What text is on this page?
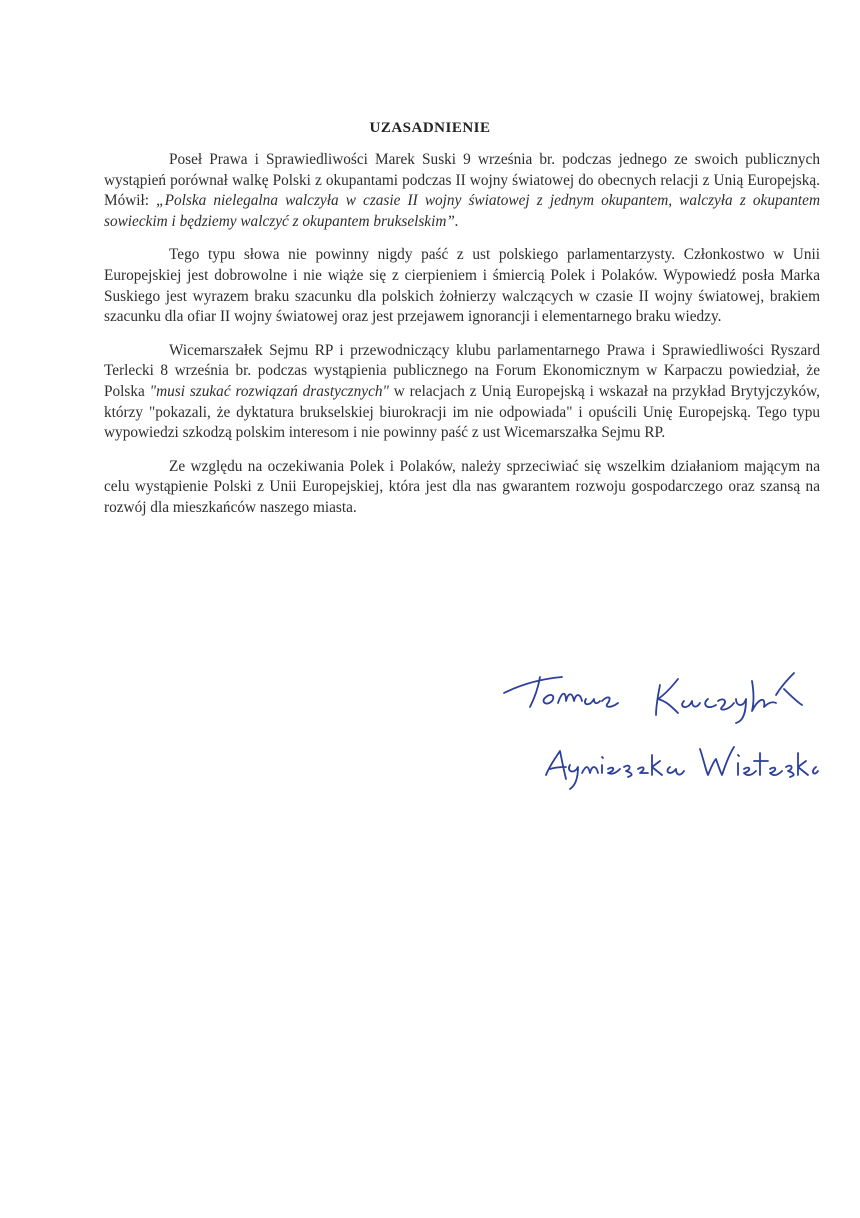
UZASADNIENIE

Poseł Prawa i Sprawiedliwości Marek Suski 9 września br. podczas jednego ze swoich publicznych wystąpień porównał walkę Polski z okupantami podczas II wojny światowej do obecnych relacji z Unią Europejską. Mówił: „Polska nielegalna walczyła w czasie II wojny światowej z jednym okupantem, walczyła z okupantem sowieckim i będziemy walczyć z okupantem brukselskim”.

Tego typu słowa nie powinny nigdy paść z ust polskiego parlamentarzysty. Członkostwo w Unii Europejskiej jest dobrowolne i nie wiąże się z cierpieniem i śmiercią Polek i Polaków. Wypowiedź posła Marka Suskiego jest wyrazem braku szacunku dla polskich żołnierzy walczących w czasie II wojny światowej, brakiem szacunku dla ofiar II wojny światowej oraz jest przejawem ignorancji i elementarnego braku wiedzy.

Wicemarszałek Sejmu RP i przewodniczący klubu parlamentarnego Prawa i Sprawiedliwości Ryszard Terlecki 8 września br. podczas wystąpienia publicznego na Forum Ekonomicznym w Karpaczu powiedział, że Polska "musi szukać rozwiązań drastycznych" w relacjach z Unią Europejską i wskazał na przykład Brytyjczyków, którzy "pokazali, że dyktatura brukselskiej biurokracji im nie odpowiada" i opuścili Unię Europejską. Tego typu wypowiedzi szkodzą polskim interesom i nie powinny paść z ust Wicemarszałka Sejmu RP.

Ze względu na oczekiwania Polek i Polaków, należy sprzeciwiać się wszelkim działaniom mającym na celu wystąpienie Polski z Unii Europejskiej, która jest dla nas gwarantem rozwoju gospodarczego oraz szansą na rozwój dla mieszkańców naszego miasta.
